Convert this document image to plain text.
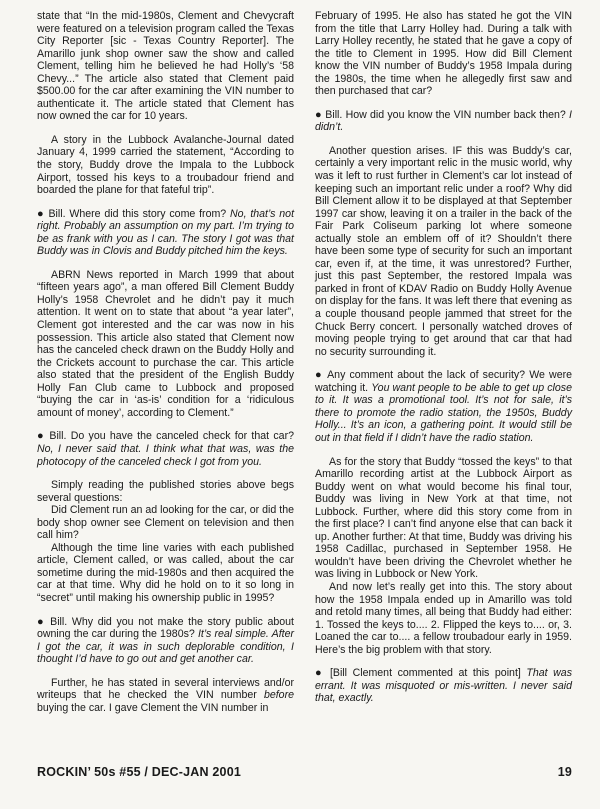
state that “In the mid-1980s, Clement and Chevycraft were featured on a television program called the Texas City Reporter [sic - Texas Country Reporter]. The Amarillo junk shop owner saw the show and called Clement, telling him he believed he had Holly’s ‘58 Chevy...” The article also stated that Clement paid $500.00 for the car after examining the VIN number to authenticate it. The article stated that Clement has now owned the car for 10 years.

A story in the Lubbock Avalanche-Journal dated January 4, 1999 carried the statement, “According to the story, Buddy drove the Impala to the Lubbock Airport, tossed his keys to a troubadour friend and boarded the plane for that fateful trip”.

● Bill. Where did this story come from? No, that’s not right. Probably an assumption on my part. I’m trying to be as frank with you as I can. The story I got was that Buddy was in Clovis and Buddy pitched him the keys.

ABRN News reported in March 1999 that about “fifteen years ago”, a man offered Bill Clement Buddy Holly’s 1958 Chevrolet and he didn’t pay it much attention. It went on to state that about “a year later”, Clement got interested and the car was now in his possession. This article also stated that Clement now has the canceled check drawn on the Buddy Holly and the Crickets account to purchase the car. This article also stated that the president of the English Buddy Holly Fan Club came to Lubbock and proposed “buying the car in ‘as-is’ condition for a ‘ridiculous amount of money’, according to Clement.”

● Bill. Do you have the canceled check for that car? No, I never said that. I think what that was, was the photocopy of the canceled check I got from you.

Simply reading the published stories above begs several questions:

Did Clement run an ad looking for the car, or did the body shop owner see Clement on television and then call him?

Although the time line varies with each published article, Clement called, or was called, about the car sometime during the mid-1980s and then acquired the car at that time. Why did he hold on to it so long in “secret” until making his ownership public in 1995?

● Bill. Why did you not make the story public about owning the car during the 1980s? It’s real simple. After I got the car, it was in such deplorable condition, I thought I’d have to go out and get another car.

Further, he has stated in several interviews and/or writeups that he checked the VIN number before buying the car. I gave Clement the VIN number in

February of 1995. He also has stated he got the VIN from the title that Larry Holley had. During a talk with Larry Holley recently, he stated that he gave a copy of the title to Clement in 1995. How did Bill Clement know the VIN number of Buddy’s 1958 Impala during the 1980s, the time when he allegedly first saw and then purchased that car?

● Bill. How did you know the VIN number back then? I didn’t.

Another question arises. IF this was Buddy’s car, certainly a very important relic in the music world, why was it left to rust further in Clement’s car lot instead of keeping such an important relic under a roof? Why did Bill Clement allow it to be displayed at that September 1997 car show, leaving it on a trailer in the back of the Fair Park Coliseum parking lot where someone actually stole an emblem off of it? Shouldn’t there have been some type of security for such an important car, even if, at the time, it was unrestored? Further, just this past September, the restored Impala was parked in front of KDAV Radio on Buddy Holly Avenue on display for the fans. It was left there that evening as a couple thousand people jammed that street for the Chuck Berry concert. I personally watched droves of moving people trying to get around that car that had no security surrounding it.

● Any comment about the lack of security? We were watching it. You want people to be able to get up close to it. It was a promotional tool. It’s not for sale, it’s there to promote the radio station, the 1950s, Buddy Holly... It’s an icon, a gathering point. It would still be out in that field if I didn’t have the radio station.

As for the story that Buddy “tossed the keys” to that Amarillo recording artist at the Lubbock Airport as Buddy went on what would become his final tour, Buddy was living in New York at that time, not Lubbock. Further, where did this story come from in the first place? I can’t find anyone else that can back it up. Another further: At that time, Buddy was driving his 1958 Cadillac, purchased in September 1958. He wouldn’t have been driving the Chevrolet whether he was living in Lubbock or New York.

And now let’s really get into this. The story about how the 1958 Impala ended up in Amarillo was told and retold many times, all being that Buddy had either: 1. Tossed the keys to.... 2. Flipped the keys to.... or, 3. Loaned the car to.... a fellow troubadour early in 1959. Here’s the big problem with that story.

● [Bill Clement commented at this point] That was errant. It was misquoted or mis-written. I never said that, exactly.

ROCKIN’ 50s #55 / DEC-JAN 2001	19
